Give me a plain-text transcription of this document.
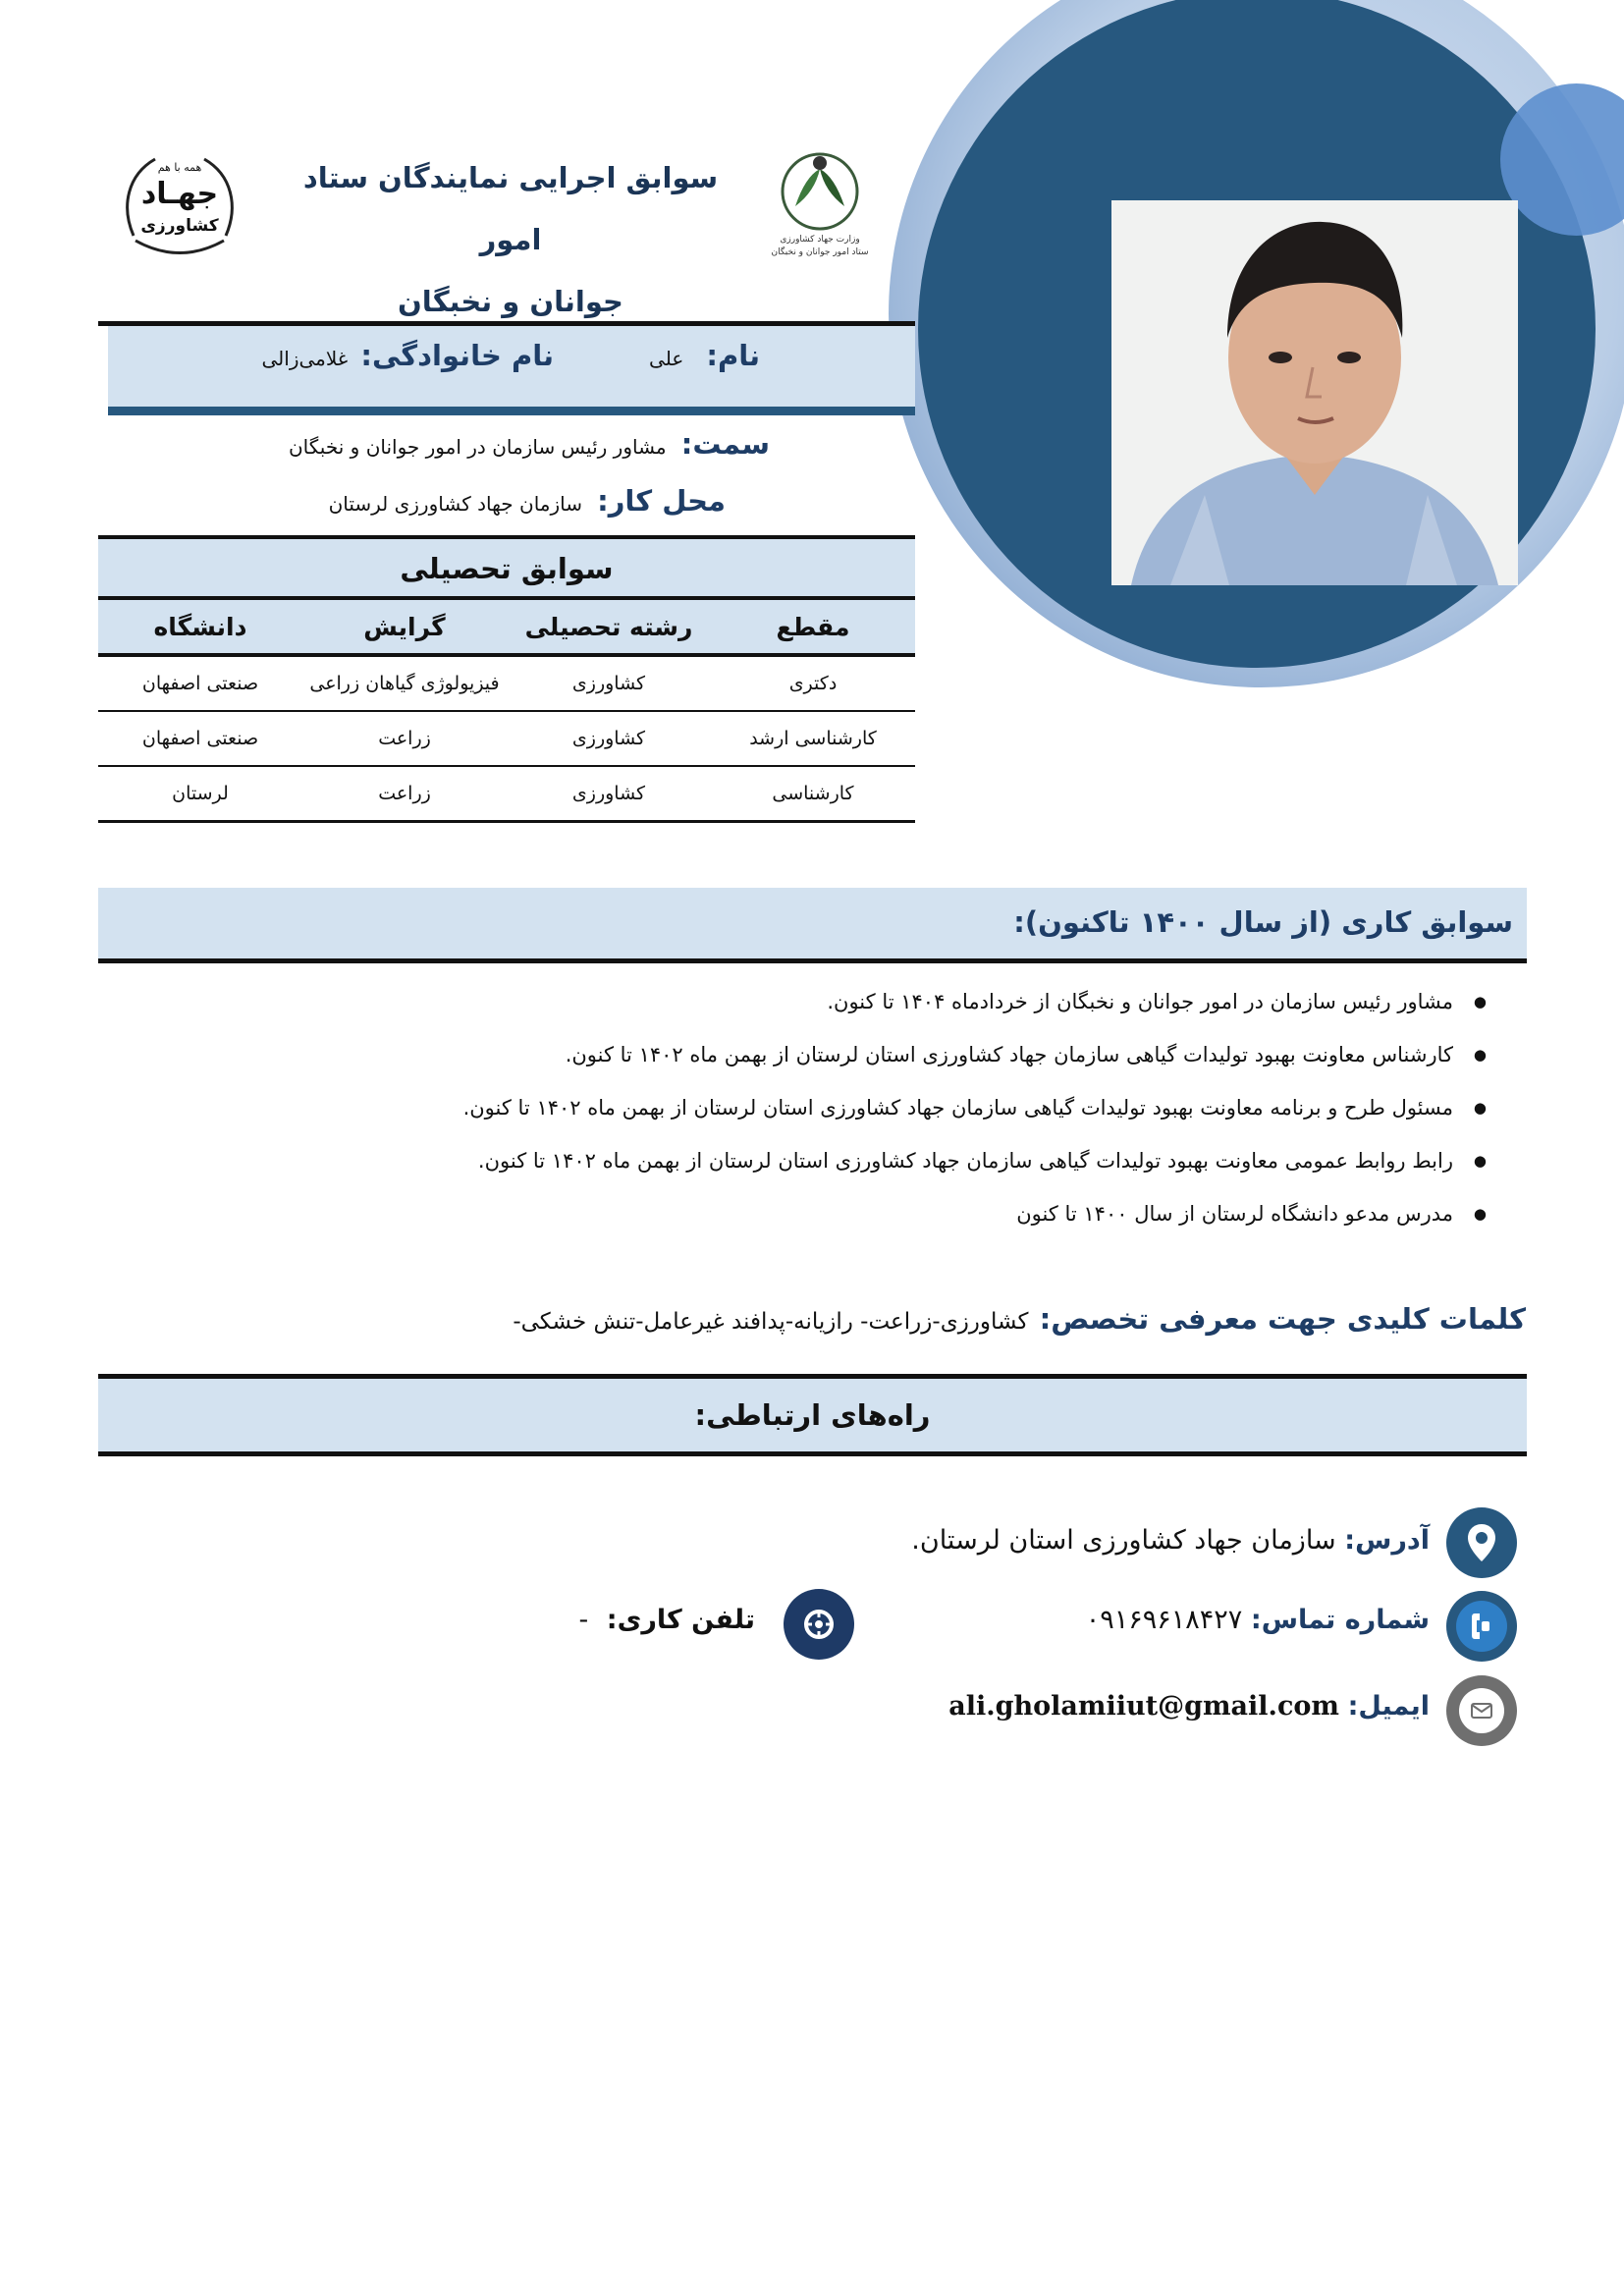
همه با هم
جهـاد
کشاورزی
سوابق اجرایی نمایندگان ستاد امور
جوانان و نخبگان
وزارت جهاد کشاورزی
ستاد امور جوانان و نخبگان
نام: علی
نام خانوادگی: غلامی‌زالی
سمت: مشاور رئیس سازمان در امور جوانان و نخبگان
محل کار: سازمان جهاد کشاورزی لرستان
سوابق تحصیلی
مقطع	رشته تحصیلی	گرایش	دانشگاه
دکتری	کشاورزی	فیزیولوژی گیاهان زراعی	صنعتی اصفهان
کارشناسی ارشد	کشاورزی	زراعت	صنعتی اصفهان
کارشناسی	کشاورزی	زراعت	لرستان
سوابق کاری (از سال ۱۴۰۰ تاکنون):
● مشاور رئیس سازمان در امور جوانان و نخبگان از خردادماه ۱۴۰۴ تا کنون.
● کارشناس معاونت بهبود تولیدات گیاهی سازمان جهاد کشاورزی استان لرستان از بهمن ماه ۱۴۰۲ تا کنون.
● مسئول طرح و برنامه معاونت بهبود تولیدات گیاهی سازمان جهاد کشاورزی استان لرستان از بهمن ماه ۱۴۰۲ تا کنون.
● رابط روابط عمومی معاونت بهبود تولیدات گیاهی سازمان جهاد کشاورزی استان لرستان از بهمن ماه ۱۴۰۲ تا کنون.
● مدرس مدعو دانشگاه لرستان از سال ۱۴۰۰ تا کنون
کلمات کلیدی جهت معرفی تخصص: کشاورزی-زراعت- رازیانه-پدافند غیرعامل-تنش خشکی-
راه‌های ارتباطی:
آدرس: سازمان جهاد کشاورزی استان لرستان.
شماره تماس: ۰۹۱۶۹۶۱۸۴۲۷
تلفن کاری: -
ایمیل: ali.gholamiiut@gmail.com
